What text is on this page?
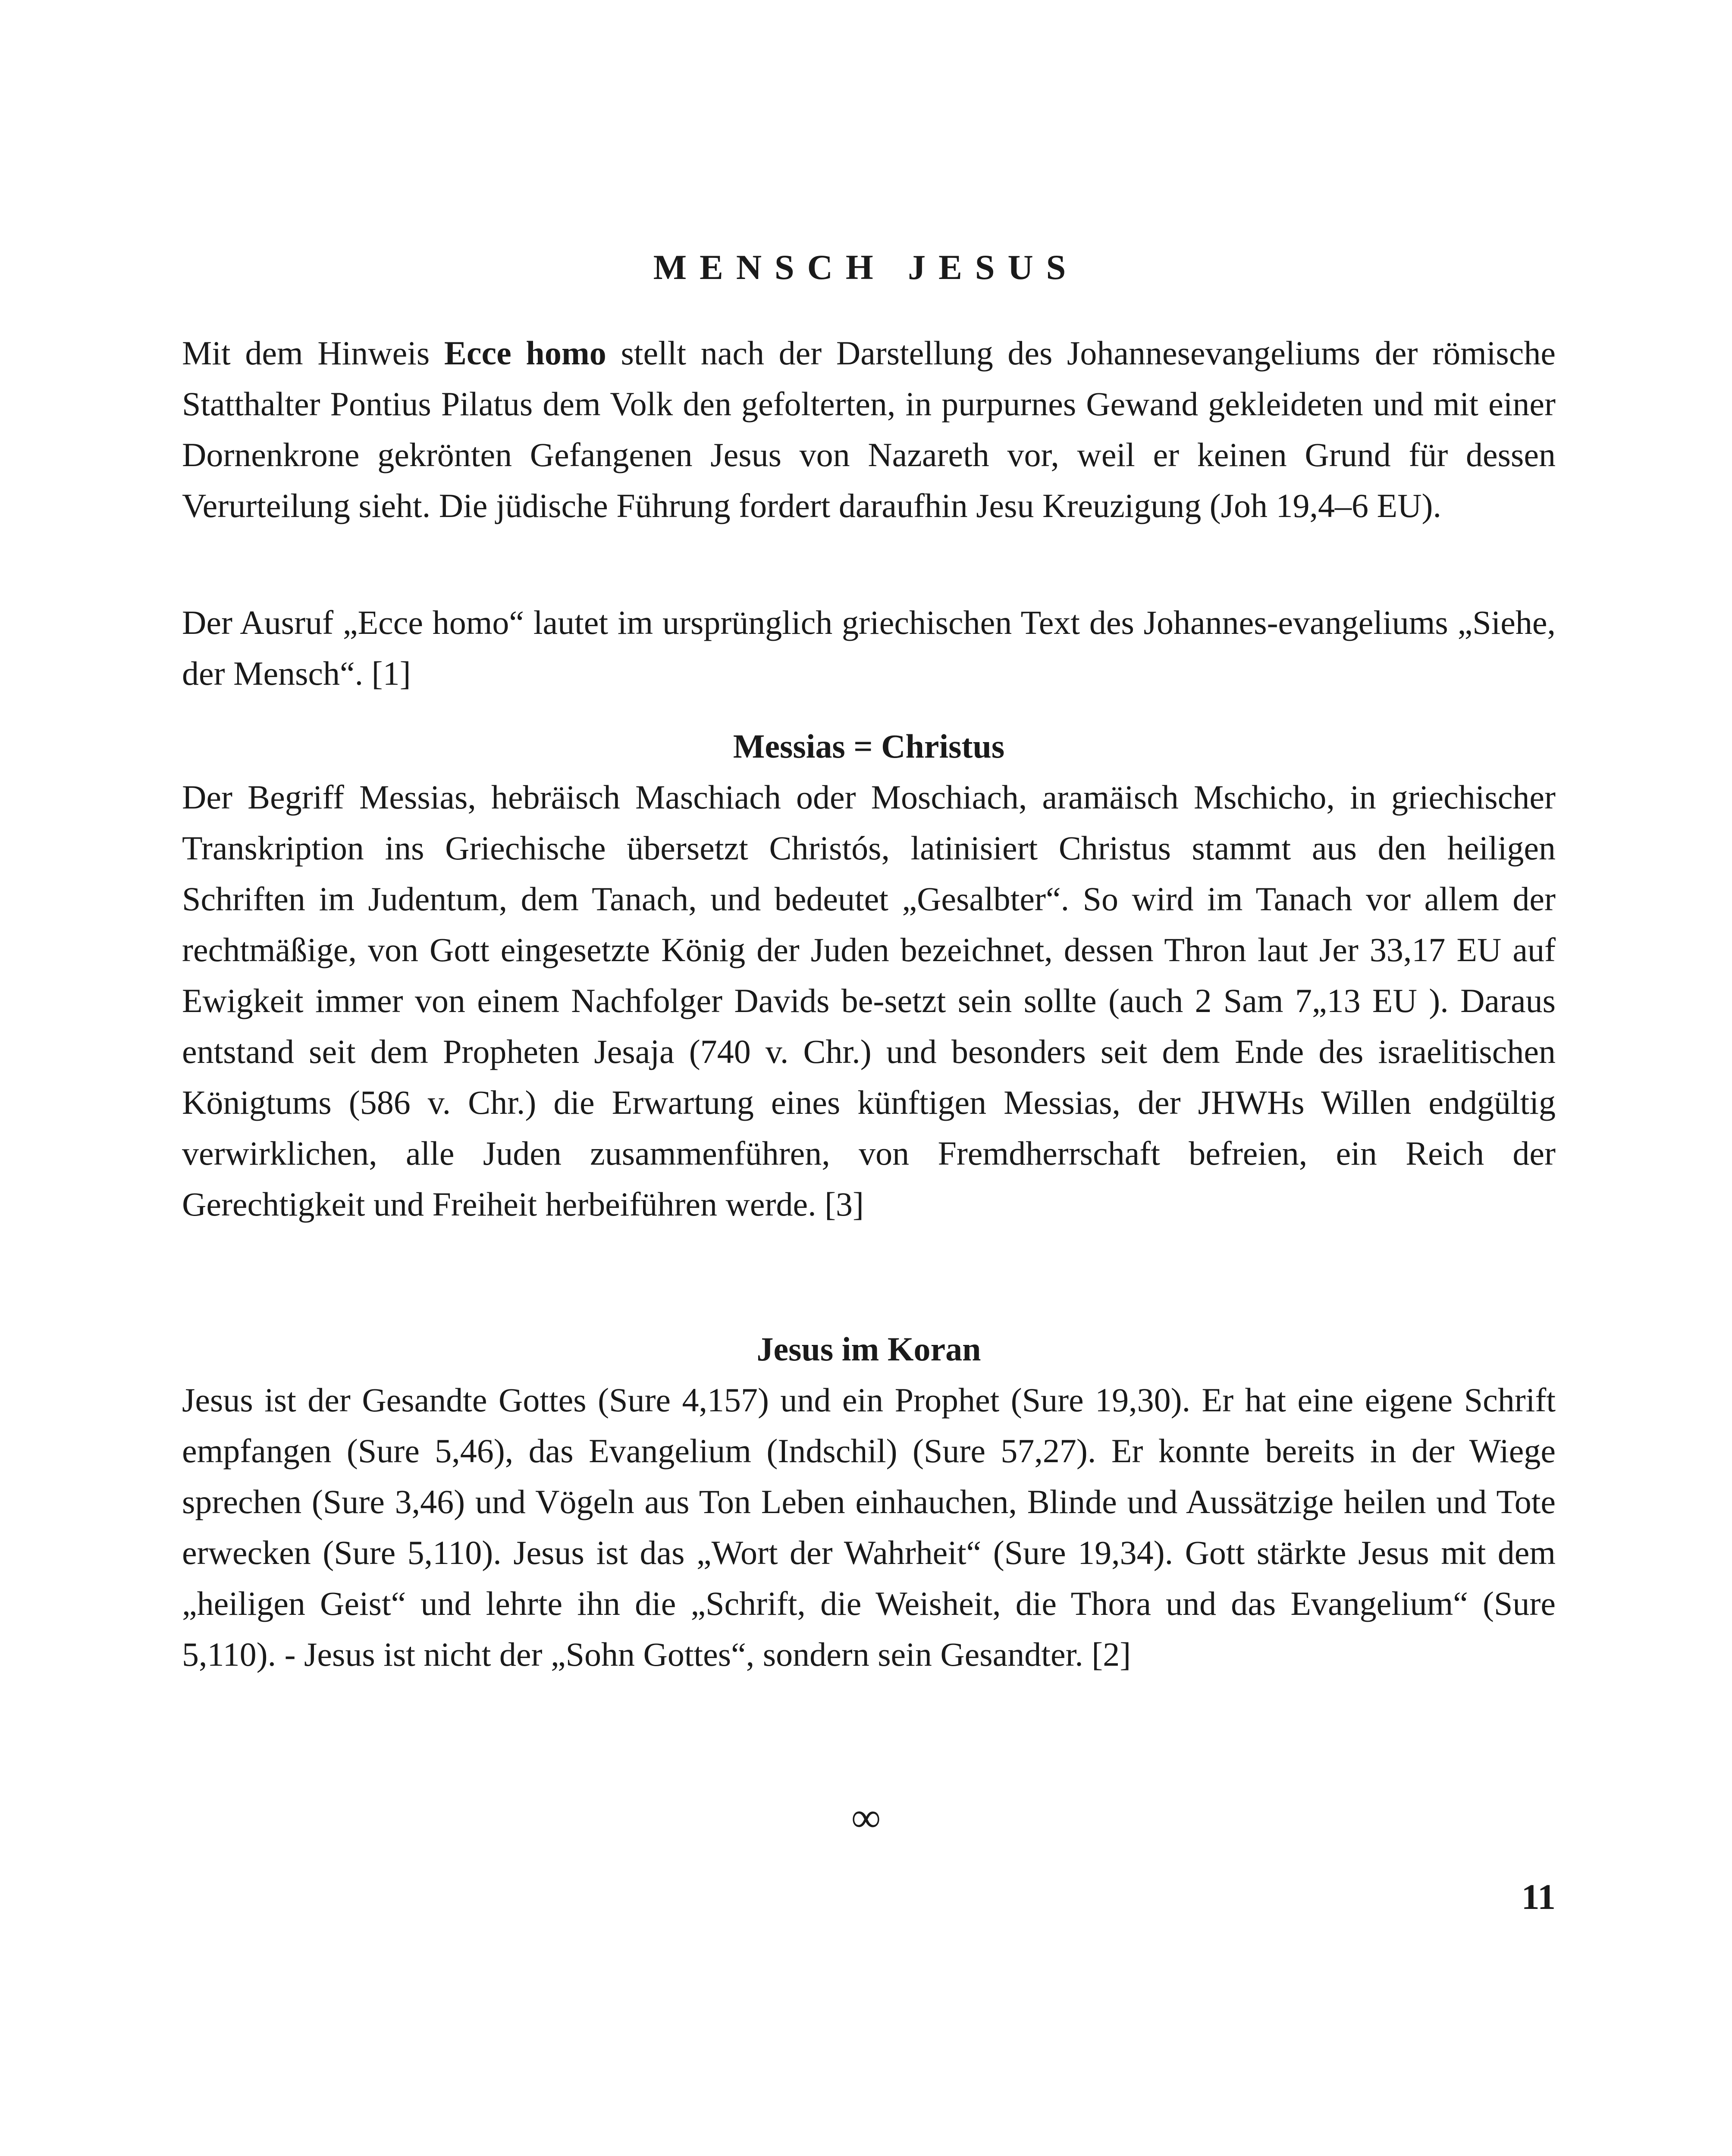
MENSCH JESUS

Mit dem Hinweis Ecce homo stellt nach der Darstellung des Johannesevangeliums der römische Statthalter Pontius Pilatus dem Volk den gefolterten, in purpurnes Gewand gekleideten und mit einer Dornenkrone gekrönten Gefangenen Jesus von Nazareth vor, weil er keinen Grund für dessen Verurteilung sieht. Die jüdische Führung fordert daraufhin Jesu Kreuzigung (Joh 19,4–6 EU).

Der Ausruf „Ecce homo“ lautet im ursprünglich griechischen Text des Johannes-evangeliums „Siehe, der Mensch“. [1]

Messias = Christus

Der Begriff Messias, hebräisch Maschiach oder Moschiach, aramäisch Mschicho, in griechischer Transkription ins Griechische übersetzt Christós, latinisiert Christus stammt aus den heiligen Schriften im Judentum, dem Tanach, und bedeutet „Gesalbter“. So wird im Tanach vor allem der rechtmäßige, von Gott eingesetzte König der Juden bezeichnet, dessen Thron laut Jer 33,17 EU auf Ewigkeit immer von einem Nachfolger Davids be-setzt sein sollte (auch 2 Sam 7„13 EU ). Daraus entstand seit dem Propheten Jesaja (740 v. Chr.) und besonders seit dem Ende des israelitischen Königtums (586 v. Chr.) die Erwartung eines künftigen Messias, der JHWHs Willen endgültig verwirklichen, alle Juden zusammenführen, von Fremdherrschaft befreien, ein Reich der Gerechtigkeit und Freiheit herbeiführen werde. [3]

Jesus im Koran

Jesus ist der Gesandte Gottes (Sure 4,157) und ein Prophet (Sure 19,30). Er hat eine eigene Schrift empfangen (Sure 5,46), das Evangelium (Indschil) (Sure 57,27). Er konnte bereits in der Wiege sprechen (Sure 3,46) und Vögeln aus Ton Leben einhauchen, Blinde und Aussätzige heilen und Tote erwecken (Sure 5,110). Jesus ist das „Wort der Wahrheit“ (Sure 19,34). Gott stärkte Jesus mit dem „heiligen Geist“ und lehrte ihn die „Schrift, die Weisheit, die Thora und das Evangelium“ (Sure 5,110). - Jesus ist nicht der „Sohn Gottes“, sondern sein Gesandter. [2]

∞
11
